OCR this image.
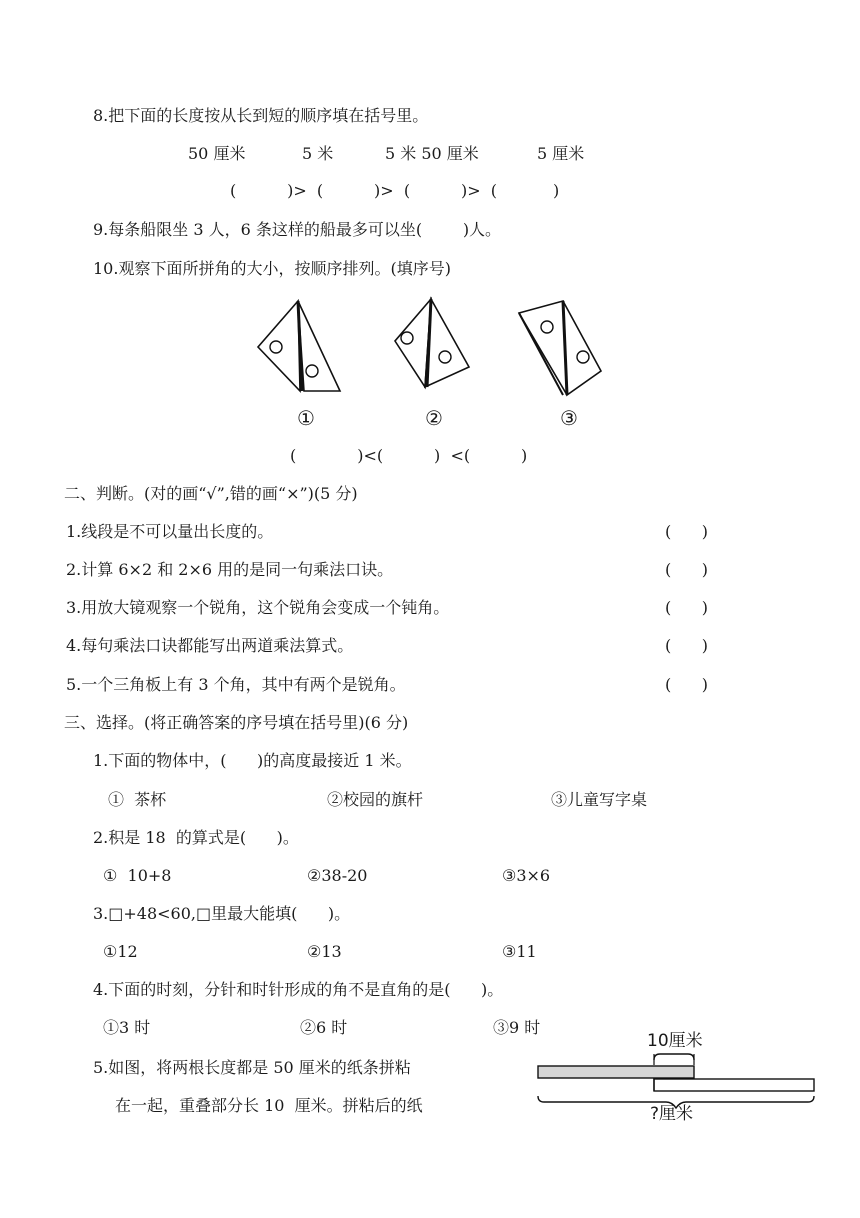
8.把下面的长度按从长到短的顺序填在括号里。
50 厘米	5 米	5 米 50 厘米	5 厘米
(          )>  (          )>  (          )>  (           )
9.每条船限坐 3 人，6 条这样的船最多可以坐(        )人。
10.观察下面所拼角的大小，按顺序排列。(填序号)
①	②	③
(            )<(          )  <(          )
二、判断。(对的画“√”,错的画“×”)(5 分)
1.线段是不可以量出长度的。	(      )
2.计算 6×2 和 2×6 用的是同一句乘法口诀。	(      )
3.用放大镜观察一个锐角，这个锐角会变成一个钝角。	(      )
4.每句乘法口诀都能写出两道乘法算式。	(      )
5.一个三角板上有 3 个角，其中有两个是锐角。	(      )
三、选择。(将正确答案的序号填在括号里)(6 分)
1.下面的物体中，(      )的高度最接近 1 米。
①  茶杯	②校园的旗杆	③儿童写字桌
2.积是 18  的算式是(      )。
①  10+8	②38-20	③3×6
3.□+48<60,□里最大能填(      )。
①12	②13	③11
4.下面的时刻，分针和时针形成的角不是直角的是(      )。
①3 时	②6 时	③9 时
5.如图，将两根长度都是 50 厘米的纸条拼粘
在一起，重叠部分长 10  厘米。拼粘后的纸
10厘米
?厘米
